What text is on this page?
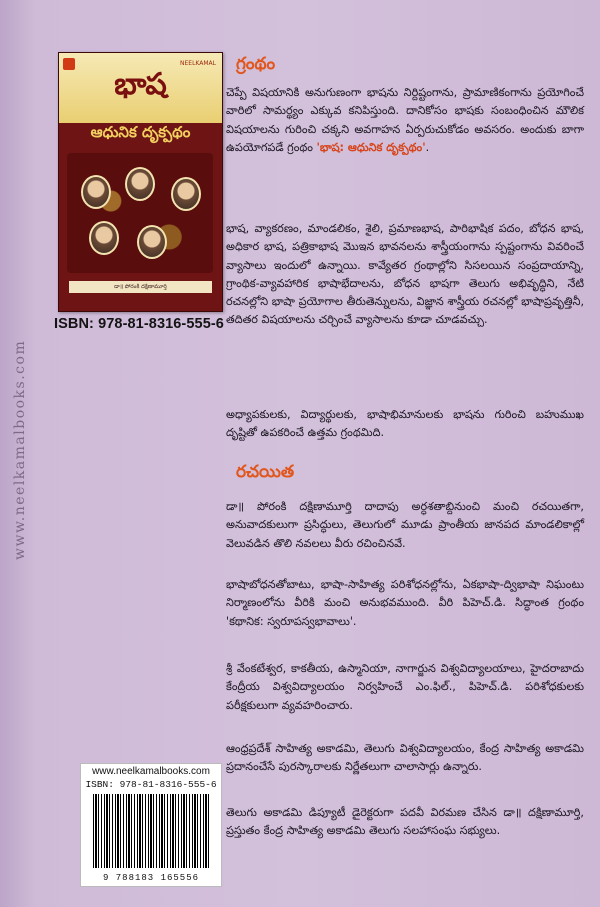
www.neelkamalbooks.com
NEELKAMAL
భాష
ఆధునిక దృక్పథం
డా॥ పోరంకి దక్షిణామూర్తి
ISBN: 978-81-8316-555-6
గ్రంథం

చెప్పే విషయానికి అనుగుణంగా భాషను నిర్దిష్టంగాను, ప్రామాణికంగాను ప్రయోగించే వారిలో సామర్థ్యం ఎక్కువ కనిపిస్తుంది. దానికోసం భాషకు సంబంధించిన మౌలిక విషయాలను గురించి చక్కని అవగాహన ఏర్పరుచుకోడం అవసరం. అందుకు బాగా ఉపయోగపడే గ్రంథం 'భాష: ఆధునిక దృక్పథం'.

భాష, వ్యాకరణం, మాండలికం, శైలి, ప్రమాణభాష, పారిభాషిక పదం, బోధన భాష, అధికార భాష, పత్రికాభాష మొఇన భావనలను శాస్త్రీయంగాను స్పష్టంగాను వివరించే వ్యాసాలు ఇందులో ఉన్నాయి. కావ్యేతర గ్రంథాల్లోని సిసలయిన సంప్రదాయాన్ని, గ్రాంథిక-వ్యావహారిక భాషాభేదాలను, బోధన భాషగా తెలుగు అభివృద్ధిని, నేటి రచనల్లోని భాషా ప్రయోగాల తీరుతెన్నులను, విజ్ఞాన శాస్త్రీయ రచనల్లో భాషాప్రవృత్తినీ, తదితర విషయాలను చర్చించే వ్యాసాలను కూడా చూడవచ్చు.

అధ్యాపకులకు, విద్యార్థులకు, భాషాభిమానులకు భాషను గురించి బహుముఖ దృష్టితో ఉపకరించే ఉత్తమ గ్రంథమిది.

రచయిత

డా॥ పోరంకి దక్షిణామూర్తి దాదాపు అర్ధశతాబ్దినుంచి మంచి రచయితగా, అనువాదకులుగా ప్రసిద్ధులు, తెలుగులో మూడు ప్రాంతీయ జానపద మాండలికాల్లో వెలువడిన తొలి నవలలు వీరు రచించినవే.

భాషాబోధనతోబాటు, భాషా-సాహిత్య పరిశోధనల్లోను, ఏకభాషా-ద్విభాషా నిఘంటు నిర్మాణంలోను వీరికి మంచి అనుభవముంది. వీరి పిహెచ్.డి. సిద్ధాంత గ్రంథం 'కథానిక: స్వరూపస్వభావాలు'.

శ్రీ వేంకటేశ్వర, కాకతీయ, ఉస్మానియా, నాగార్జున విశ్వవిద్యాలయాలు, హైదరాబాదు కేంద్రీయ విశ్వవిద్యాలయం నిర్వహించే ఎం.ఫిల్., పిహెచ్.డి. పరిశోధకులకు పరీక్షకులుగా వ్యవహరించారు.

ఆంధ్రప్రదేశ్ సాహిత్య అకాడమి, తెలుగు విశ్వవిద్యాలయం, కేంద్ర సాహిత్య అకాడమి ప్రదానంచేసే పురస్కారాలకు నిర్ణేతలుగా చాలాసార్లు ఉన్నారు.

తెలుగు అకాడమి డిప్యూటీ డైరెక్టరుగా పదవీ విరమణ చేసిన డా॥ దక్షిణామూర్తి, ప్రస్తుతం కేంద్ర సాహిత్య అకాడమి తెలుగు సలహాసంఘ సభ్యులు.

www.neelkamalbooks.com
ISBN: 978-81-8316-555-6
9 788183 165556
